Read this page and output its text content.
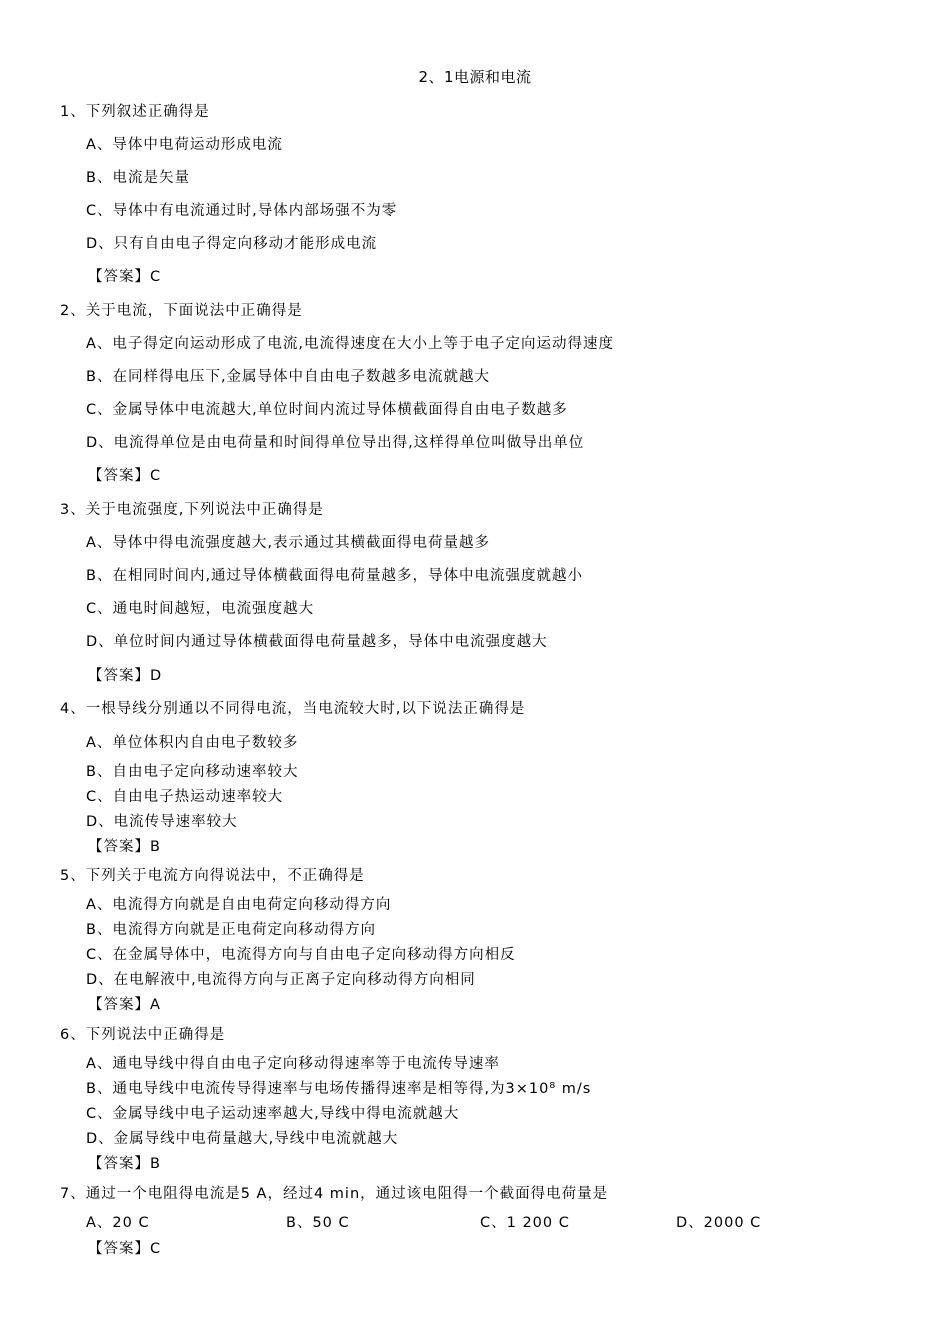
2、1电源和电流
1、下列叙述正确得是
A、导体中电荷运动形成电流
B、电流是矢量
C、导体中有电流通过时,导体内部场强不为零
D、只有自由电子得定向移动才能形成电流
【答案】C
2、关于电流，下面说法中正确得是
A、电子得定向运动形成了电流,电流得速度在大小上等于电子定向运动得速度
B、在同样得电压下,金属导体中自由电子数越多电流就越大
C、金属导体中电流越大,单位时间内流过导体横截面得自由电子数越多
D、电流得单位是由电荷量和时间得单位导出得,这样得单位叫做导出单位
【答案】C
3、关于电流强度,下列说法中正确得是
A、导体中得电流强度越大,表示通过其横截面得电荷量越多
B、在相同时间内,通过导体横截面得电荷量越多，导体中电流强度就越小
C、通电时间越短，电流强度越大
D、单位时间内通过导体横截面得电荷量越多，导体中电流强度越大
【答案】D
4、一根导线分别通以不同得电流，当电流较大时,以下说法正确得是
A、单位体积内自由电子数较多
B、自由电子定向移动速率较大
C、自由电子热运动速率较大
D、电流传导速率较大
【答案】B
5、下列关于电流方向得说法中，不正确得是
A、电流得方向就是自由电荷定向移动得方向
B、电流得方向就是正电荷定向移动得方向
C、在金属导体中，电流得方向与自由电子定向移动得方向相反
D、在电解液中,电流得方向与正离子定向移动得方向相同
【答案】A
6、下列说法中正确得是
A、通电导线中得自由电子定向移动得速率等于电流传导速率
B、通电导线中电流传导得速率与电场传播得速率是相等得,为3×10⁸ m/s
C、金属导线中电子运动速率越大,导线中得电流就越大
D、金属导线中电荷量越大,导线中电流就越大
【答案】B
7、通过一个电阻得电流是5 A，经过4 min，通过该电阻得一个截面得电荷量是
A、20 C	B、50 C	C、1 200 C	D、2000 C
【答案】C
